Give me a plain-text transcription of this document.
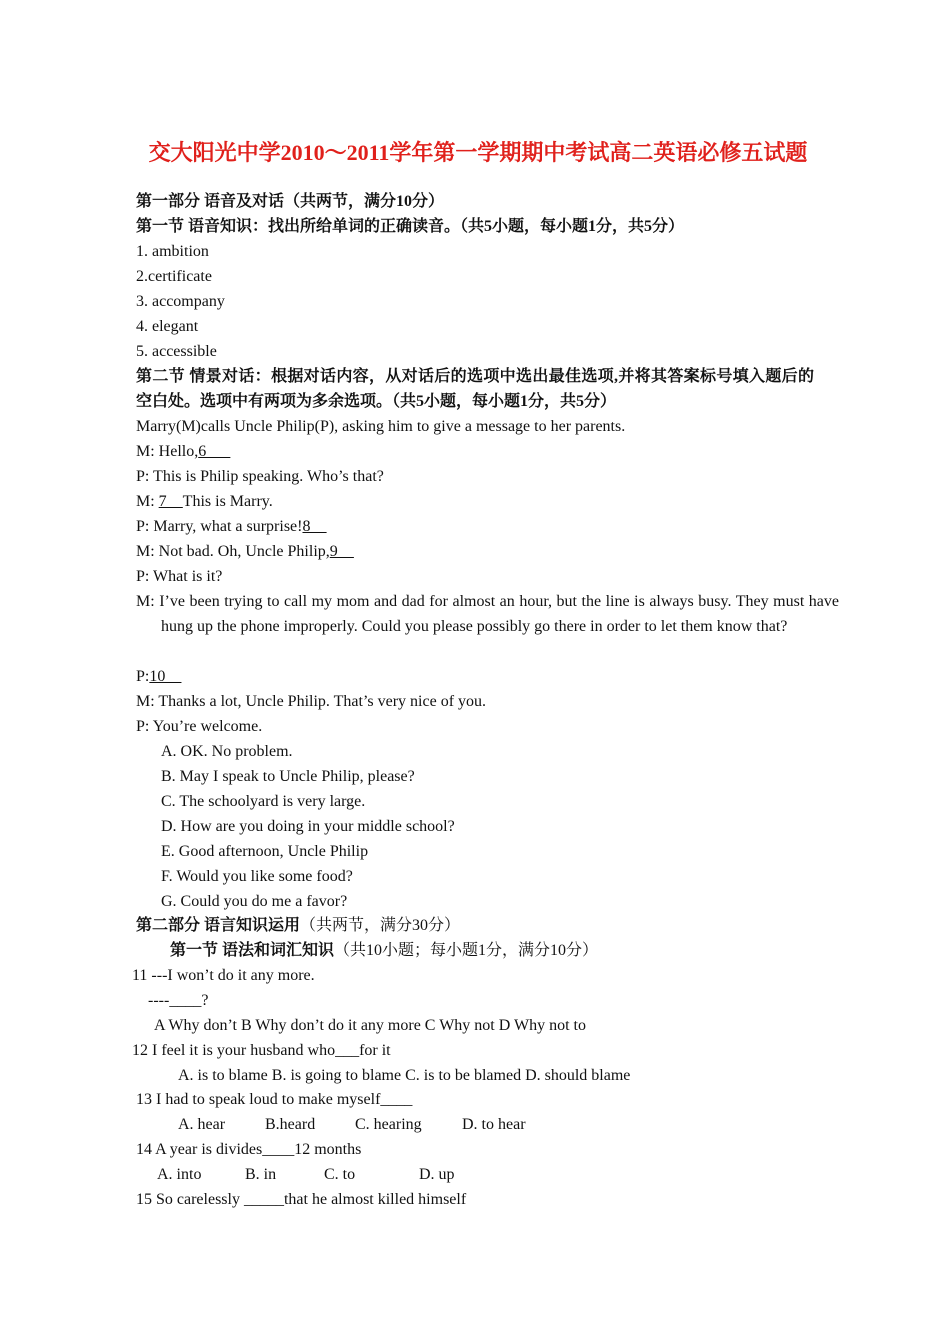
交大阳光中学2010～2011学年第一学期期中考试高二英语必修五试题
第一部分 语音及对话（共两节，满分10分）
第一节 语音知识：找出所给单词的正确读音。（共5小题，每小题1分，共5分）
1. ambition
2.certificate
3. accompany
4. elegant
5. accessible
第二节 情景对话：根据对话内容，从对话后的选项中选出最佳选项,并将其答案标号填入题后的空白处。选项中有两项为多余选项。（共5小题，每小题1分，共5分）
Marry(M)calls Uncle Philip(P), asking him to give a message to her parents.
M: Hello,6___
P: This is Philip speaking. Who’s that?
M: 7__This is Marry.
P: Marry, what a surprise!8__
M: Not bad. Oh, Uncle Philip,9__
P: What is it?
M: I’ve been trying to call my mom and dad for almost an hour, but the line is always busy. They must have hung up the phone improperly. Could you please possibly go there in order to let them know that?
P:10__
M: Thanks a lot, Uncle Philip. That’s very nice of you.
P: You’re welcome.
A. OK. No problem.
B. May I speak to Uncle Philip, please?
C. The schoolyard is very large.
D. How are you doing in your middle school?
E. Good afternoon, Uncle Philip
F. Would you like some food?
G. Could you do me a favor?
第二部分 语言知识运用（共两节，满分30分）
第一节 语法和词汇知识（共10小题；每小题1分，满分10分）
11 ---I won’t do it any more.
----____?
A Why don’t B Why don’t do it any more C Why not D Why not to
12 I feel it is your husband who___for it
A. is to blame B. is going to blame C. is to be blamed D. should blame
13 I had to speak loud to make myself____
A. hear B.heard C. hearing	D. to hear
14 A year is divides____12 months
A. into	B. in	C. to	D. up
15 So carelessly _____that he almost killed himself
